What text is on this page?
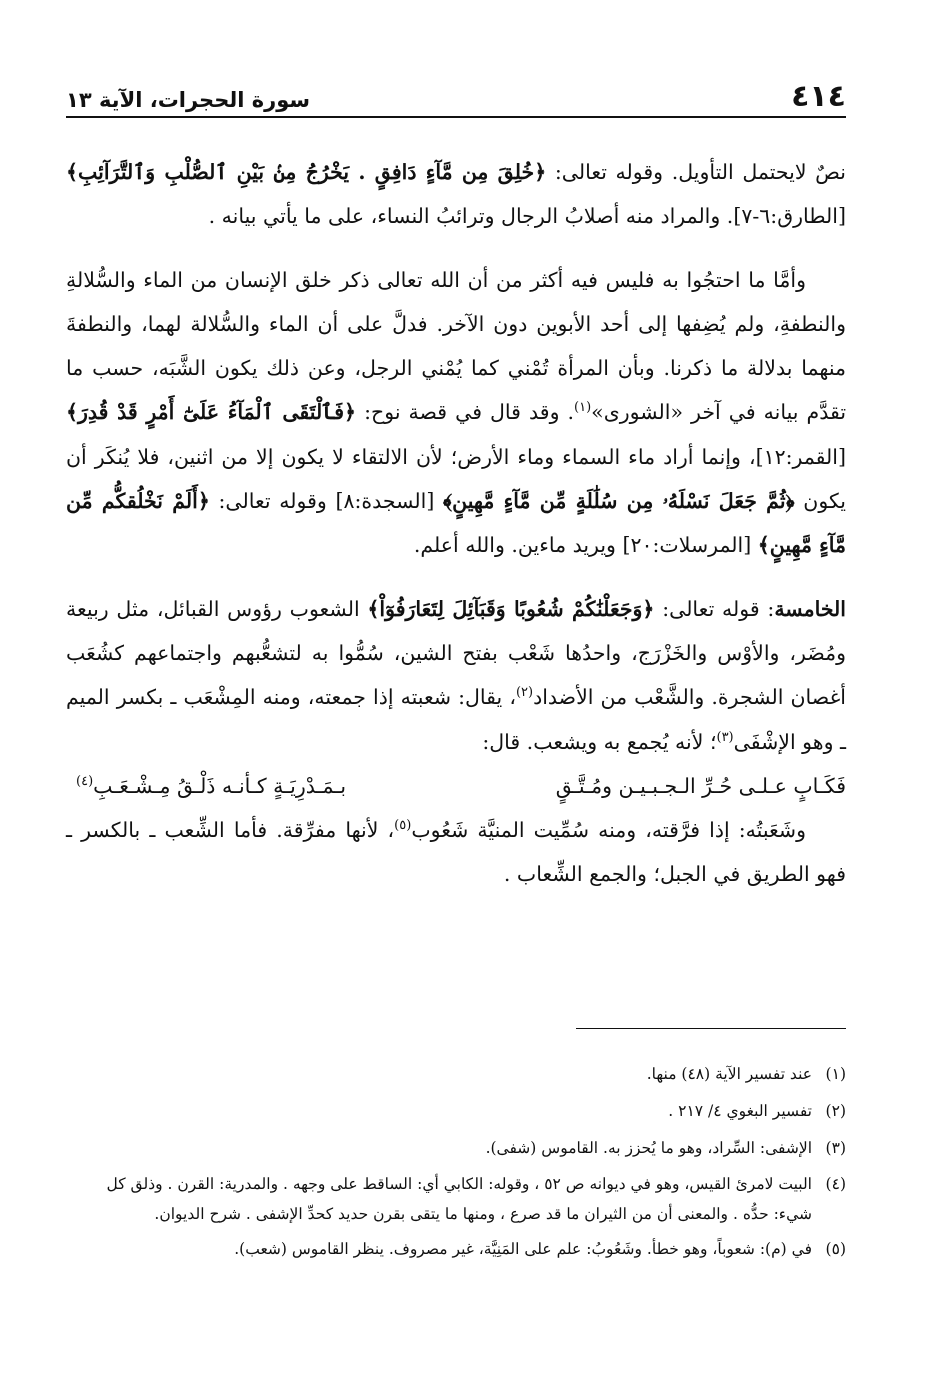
٤١٤
سورة الحجرات، الآية ١٣

نصٌ لايحتمل التأويل. وقوله تعالى: ﴿خُلِقَ مِن مَّآءٍ دَافِقٍ . يَخْرُجُ مِنۢ بَيْنِ ٱلصُّلْبِ وَٱلتَّرَآئِبِ﴾ [الطارق:٦-٧]. والمراد منه أصلابُ الرجال وترائبُ النساء، على ما يأتي بيانه .

وأمَّا ما احتجُوا به فليس فيه أكثر من أن الله تعالى ذكر خلق الإنسان من الماء والسُّلالةِ والنطفةِ، ولم يُضِفها إلى أحد الأبوين دون الآخر. فدلَّ على أن الماء والسُّلالة لهما، والنطفةَ منهما بدلالة ما ذكرنا. وبأن المرأة تُمْني كما يُمْني الرجل، وعن ذلك يكون الشَّبَه، حسب ما تقدَّم بيانه في آخر «الشورى»$^{(١)}$. وقد قال في قصة نوح: ﴿فَٱلْتَقَى ٱلْمَآءُ عَلَىٰٓ أَمْرٍ قَدْ قُدِرَ﴾ [القمر:١٢]، وإنما أراد ماء السماء وماء الأرض؛ لأن الالتقاء لا يكون إلا من اثنين، فلا يُنكَر أن يكون ﴿ثُمَّ جَعَلَ نَسْلَهُۥ مِن سُلَٰلَةٍ مِّن مَّآءٍ مَّهِينٍ﴾ [السجدة:٨] وقوله تعالى: ﴿أَلَمْ نَخْلُقكُّم مِّن مَّآءٍ مَّهِينٍ﴾ [المرسلات:٢٠] ويريد ماءين. والله أعلم.

الخامسة: قوله تعالى: ﴿وَجَعَلْنَٰكُمْ شُعُوبًا وَقَبَآئِلَ لِتَعَارَفُوٓاْ﴾ الشعوب رؤوس القبائل، مثل ربيعة ومُضَر، والأوْس والخَزْرَج، واحدُها شَعْب بفتح الشين، سُمُّوا به لتشعُّبهم واجتماعهم كشُعَب أغصان الشجرة. والشَّعْب من الأضداد$^{(٢)}$، يقال: شعبته إذا جمعته، ومنه المِشْعَب ـ بكسر الميم ـ وهو الإشْفَى$^{(٣)}$؛ لأنه يُجمع به ويشعب. قال:

فَكَـابٍ عـلـى حُـرِّ الـجـبـيـن ومُـتَّـقٍ
بـمَـدْرِيَـةٍ كـأنـه ذَلْـقُ مِـشْـعَـبِ$^{(٤)}$

وشَعَبتُه: إذا فرَّقته، ومنه سُمِّيت المنيَّة شَعُوب$^{(٥)}$، لأنها مفرِّقة. فأما الشِّعب ـ بالكسر ـ فهو الطريق في الجبل؛ والجمع الشِّعاب .

(١)
عند تفسير الآية (٤٨) منها.

(٢)
تفسير البغوي ٤/ ٢١٧ .

(٣)
الإشفى: السِّراد، وهو ما يُحزز به. القاموس (شفى).

(٤)
البيت لامرئ القيس، وهو في ديوانه ص ٥٢ ، وقوله: الكابي أي: الساقط على وجهه . والمدرية: القرن . وذلق كل شيء: حدُّه . والمعنى أن من الثيران ما قد صرع ، ومنها ما يتقى بقرن حديد كحدِّ الإشفى . شرح الديوان.

(٥)
في (م): شعوباً، وهو خطأ. وشَعُوبُ: علم على المَنِيَّة، غير مصروف. ينظر القاموس (شعب).
